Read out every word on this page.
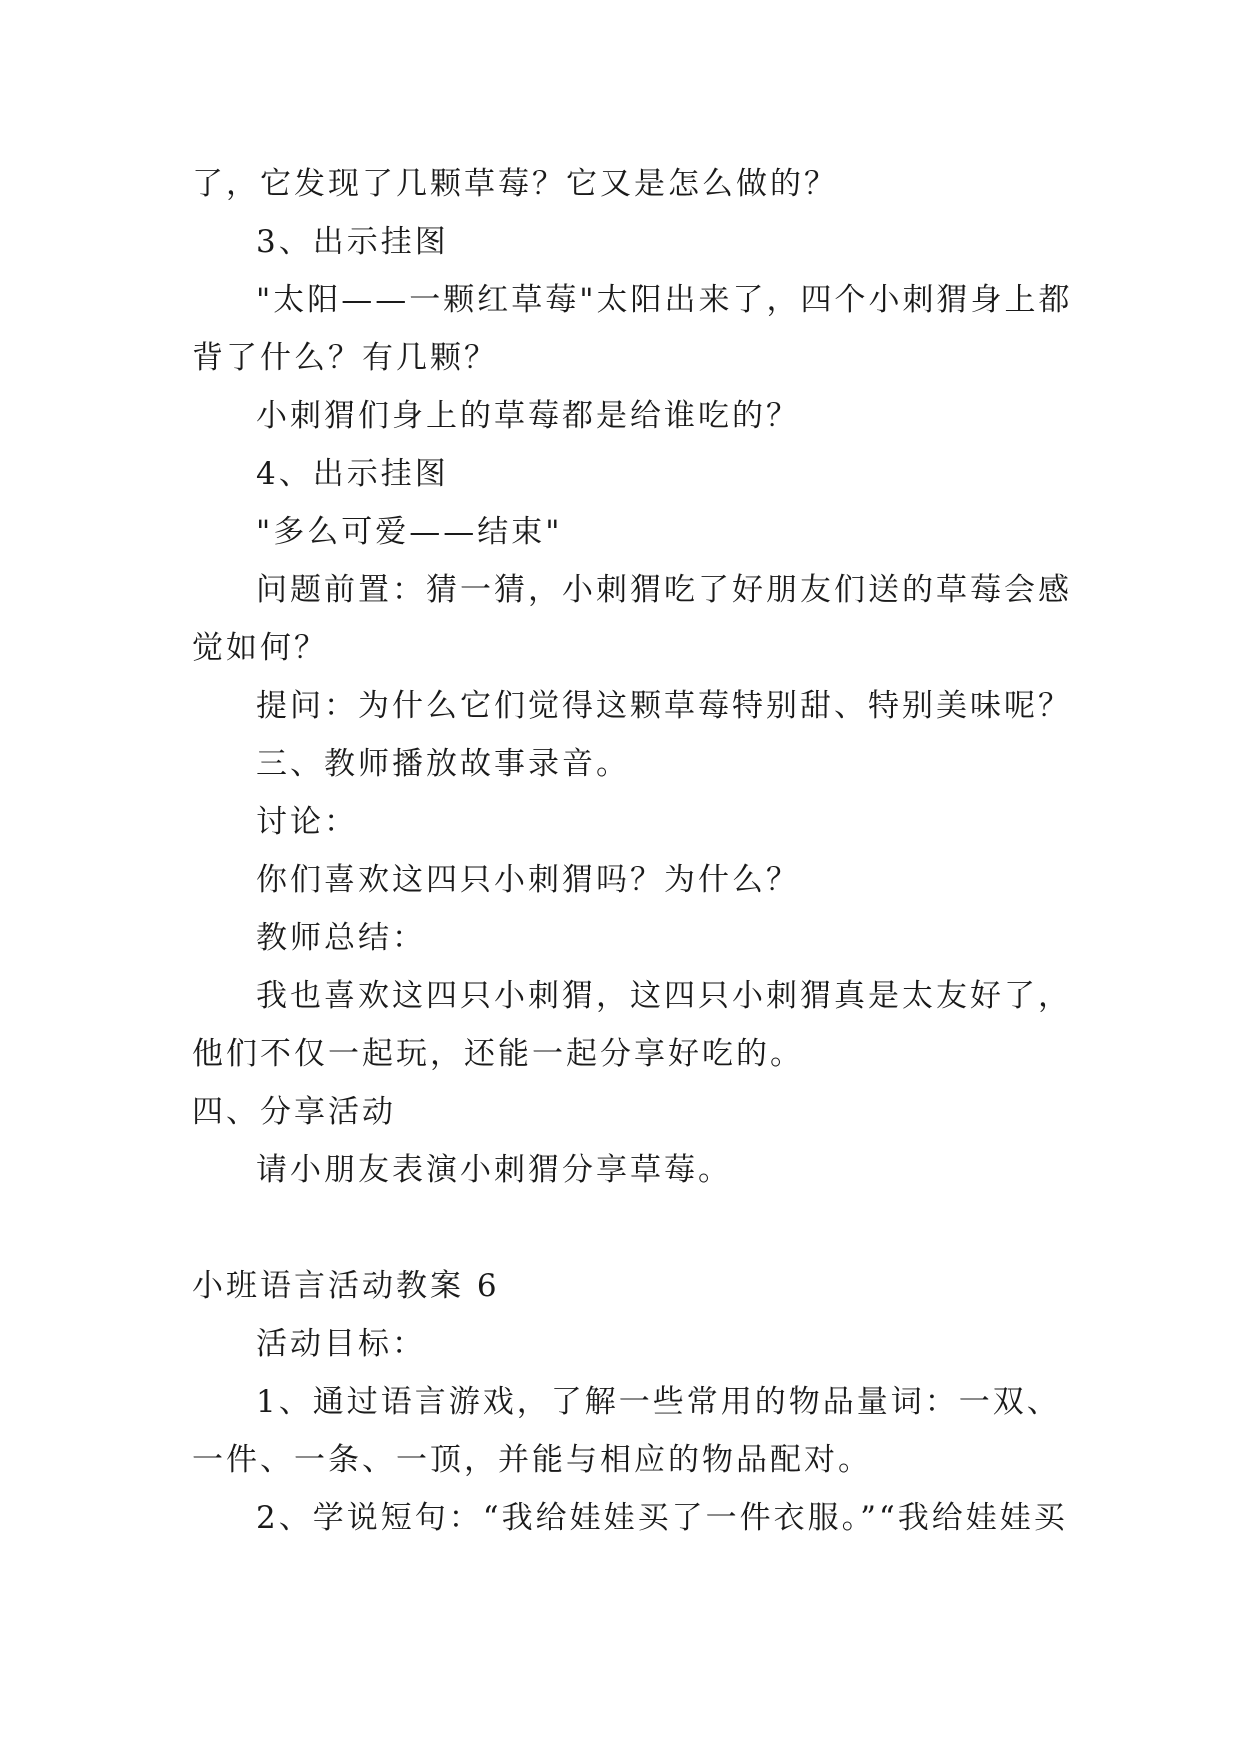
了，它发现了几颗草莓？它又是怎么做的？
3、出示挂图
"太阳——一颗红草莓"太阳出来了，四个小刺猬身上都
背了什么？有几颗？
小刺猬们身上的草莓都是给谁吃的？
4、出示挂图
"多么可爱——结束"
问题前置：猜一猜，小刺猬吃了好朋友们送的草莓会感
觉如何？
提问：为什么它们觉得这颗草莓特别甜、特别美味呢？
三、教师播放故事录音。
讨论：
你们喜欢这四只小刺猬吗？为什么？
教师总结：
我也喜欢这四只小刺猬，这四只小刺猬真是太友好了，
他们不仅一起玩，还能一起分享好吃的。
四、分享活动
请小朋友表演小刺猬分享草莓。
小班语言活动教案 6
活动目标：
1、通过语言游戏，了解一些常用的物品量词：一双、
一件、一条、一顶，并能与相应的物品配对。
2、学说短句：“我给娃娃买了一件衣服。”“我给娃娃买
